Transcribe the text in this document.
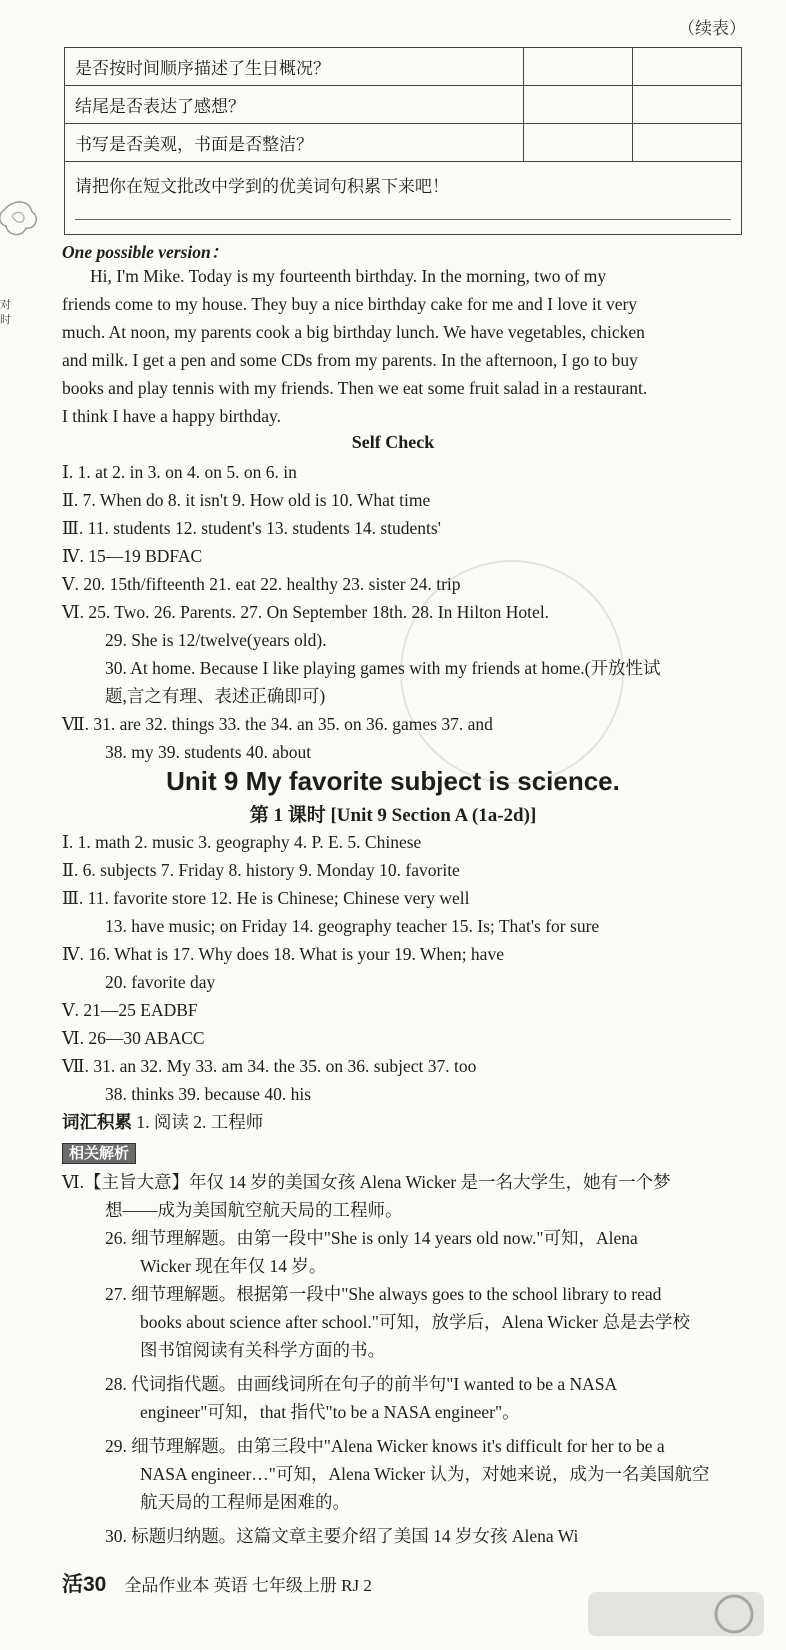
（续表）
是否按时间顺序描述了生日概况？		
结尾是否表达了感想？		
书写是否美观，书面是否整洁？		

请把你在短文批改中学到的优美词句积累下来吧！		
对
时
One possible version：
Hi, I'm Mike. Today is my fourteenth birthday. In the morning, two of my
friends come to my house. They buy a nice birthday cake for me and I love it very
much. At noon, my parents cook a big birthday lunch. We have vegetables, chicken
and milk. I get a pen and some CDs from my parents. In the afternoon, I go to buy
books and play tennis with my friends. Then we eat some fruit salad in a restaurant.
I think I have a happy birthday.
Self Check
Ⅰ. 1. at 2. in 3. on 4. on 5. on 6. in
Ⅱ. 7. When do 8. it isn't 9. How old is 10. What time
Ⅲ. 11. students 12. student's 13. students 14. students'
Ⅳ. 15—19 BDFAC
Ⅴ. 20. 15th/fifteenth 21. eat 22. healthy 23. sister 24. trip
Ⅵ. 25. Two. 26. Parents. 27. On September 18th. 28. In Hilton Hotel.
29. She is 12/twelve(years old).
30. At home. Because I like playing games with my friends at home.(开放性试
题,言之有理、表述正确即可)
Ⅶ. 31. are 32. things 33. the 34. an 35. on 36. games 37. and
38. my 39. students 40. about
Unit 9 My favorite subject is science.
第 1 课时 [Unit 9 Section A (1a-2d)]
Ⅰ. 1. math 2. music 3. geography 4. P. E. 5. Chinese
Ⅱ. 6. subjects 7. Friday 8. history 9. Monday 10. favorite
Ⅲ. 11. favorite store 12. He is Chinese; Chinese very well
13. have music; on Friday 14. geography teacher 15. Is; That's for sure
Ⅳ. 16. What is 17. Why does 18. What is your 19. When; have
20. favorite day
Ⅴ. 21—25 EADBF
Ⅵ. 26—30 ABACC
Ⅶ. 31. an 32. My 33. am 34. the 35. on 36. subject 37. too
38. thinks 39. because 40. his
词汇积累 1. 阅读 2. 工程师
相关解析
Ⅵ.【主旨大意】年仅 14 岁的美国女孩 Alena Wicker 是一名大学生，她有一个梦
想——成为美国航空航天局的工程师。
26. 细节理解题。由第一段中"She is only 14 years old now."可知，Alena
Wicker 现在年仅 14 岁。
27. 细节理解题。根据第一段中"She always goes to the school library to read
books about science after school."可知，放学后，Alena Wicker 总是去学校
图书馆阅读有关科学方面的书。
28. 代词指代题。由画线词所在句子的前半句"I wanted to be a NASA
engineer"可知，that 指代"to be a NASA engineer"。
29. 细节理解题。由第三段中"Alena Wicker knows it's difficult for her to be a
NASA engineer…"可知，Alena Wicker 认为，对她来说，成为一名美国航空
航天局的工程师是困难的。
30. 标题归纳题。这篇文章主要介绍了美国 14 岁女孩 Alena Wi
活30 全品作业本 英语 七年级上册 RJ 2
